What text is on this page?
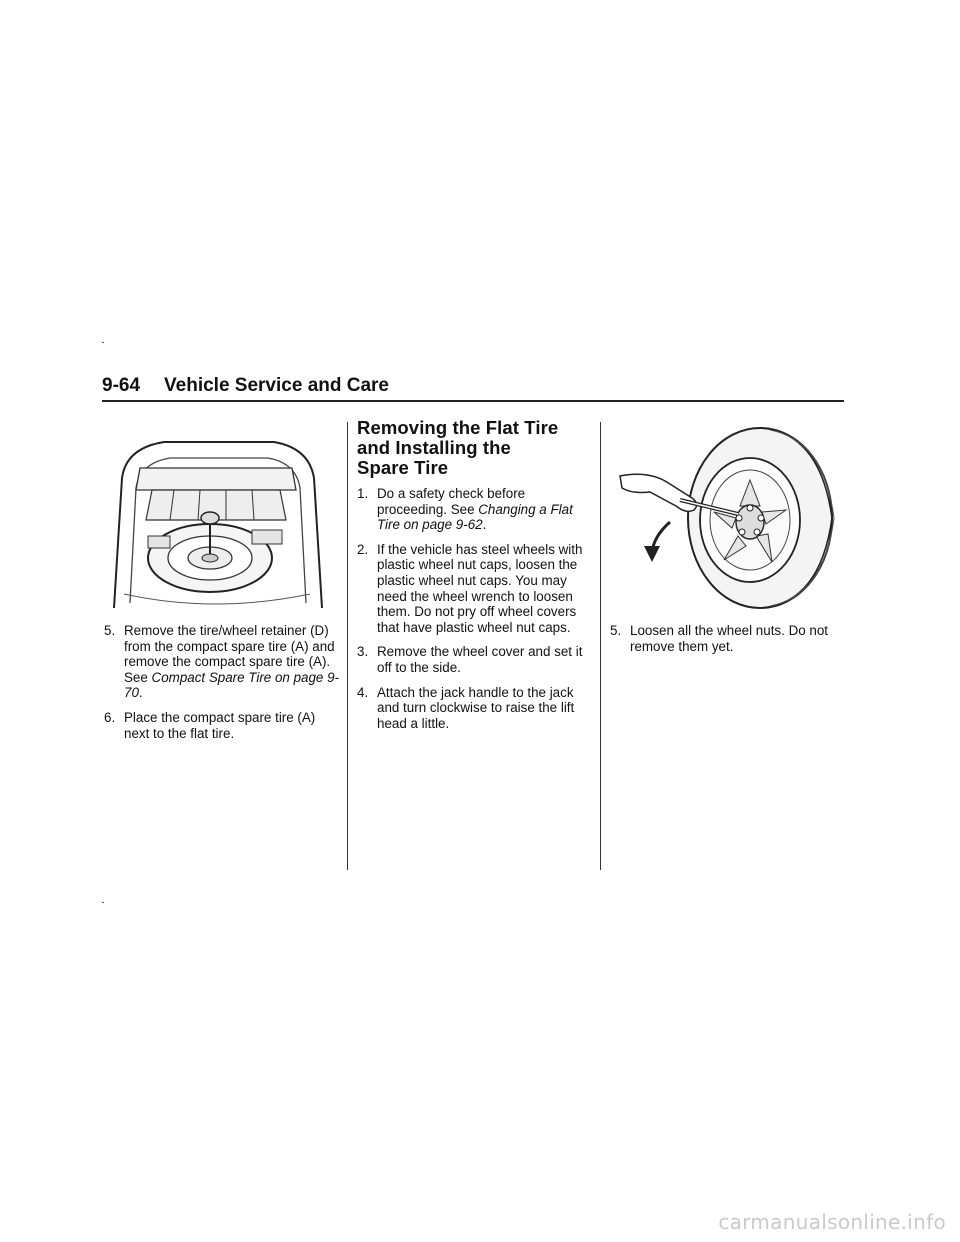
9-64 Vehicle Service and Care
5. Remove the tire/wheel retainer (D) from the compact spare tire (A) and remove the compact spare tire (A). See Compact Spare Tire on page 9-70.
6. Place the compact spare tire (A) next to the flat tire.
Removing the Flat Tire
and Installing the
Spare Tire
1. Do a safety check before proceeding. See Changing a Flat Tire on page 9-62.
2. If the vehicle has steel wheels with plastic wheel nut caps, loosen the plastic wheel nut caps. You may need the wheel wrench to loosen them. Do not pry off wheel covers that have plastic wheel nut caps.
3. Remove the wheel cover and set it off to the side.
4. Attach the jack handle to the jack and turn clockwise to raise the lift head a little.
5. Loosen all the wheel nuts. Do not remove them yet.
carmanualsonline.info
